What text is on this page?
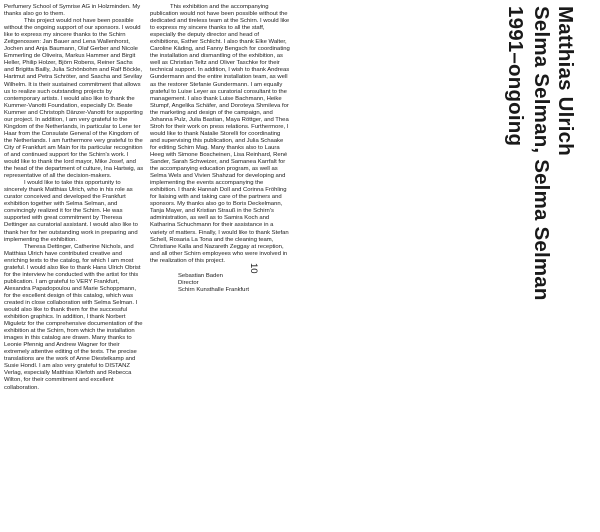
Perfumery School of Symrise AG in Holzminden. My thanks also go to them.

This project would not have been possible without the ongoing support of our sponsors. I would like to express my sincere thanks to the Schirn Zeitgenossen: Jan Bauer and Lena Wallenhorst, Jochen and Anja Baumann, Olaf Gerber and Nicole Emmerling de Oliveira, Markus Hammer and Birgit Heller, Philip Holzer, Björn Robens, Reiner Sachs and Brigitta Bailly, Julia Schönbohm and Ralf Böckle, Hartmut and Petra Schröter, and Sascha and Sevilay Wilhelm. It is their sustained commitment that allows us to realize such outstanding projects by contemporary artists. I would also like to thank the Kummer-Vanotti Foundation, especially Dr. Beate Kummer and Christoph Dänzer-Vanotti for supporting our project. In addition, I am very grateful to the Kingdom of the Netherlands, in particular to Lene ter Haar from the Consulate General of the Kingdom of the Netherlands. I am furthermore very grateful to the City of Frankfurt am Main for its particular recognition of and continued support for the Schirn's work. I would like to thank the lord mayor, Mike Josef, and the head of the department of culture, Ina Hartwig, as representative of all the decision-makers.

I would like to take this opportunity to sincerely thank Matthias Ulrich, who in his role as curator conceived and developed the Frankfurt exhibition together with Selma Selman, and convincingly realized it for the Schirn. He was supported with great commitment by Theresa Dettinger as curatorial assistant. I would also like to thank her for her outstanding work in preparing and implementing the exhibition.

Theresa Dettinger, Catherine Nichols, and Matthias Ulrich have contributed creative and enriching texts to the catalog, for which I am most grateful. I would also like to thank Hans Ulrich Obrist for the interview he conducted with the artist for this publication. I am grateful to VERY Frankfurt, Alexandra Papadopoulou and Marie Schoppmann, for the excellent design of this catalog, which was created in close collaboration with Selma Selman. I would also like to thank them for the successful exhibition graphics. In addition, I thank Norbert Miguletz for the comprehensive documentation of the exhibition at the Schirn, from which the installation images in this catalog are drawn. Many thanks to Leonie Pfennig and Andrew Wagner for their extremely attentive editing of the texts. The precise translations are the work of Anne Diestelkamp and Susie Hondl. I am also very grateful to DISTANZ Verlag, especially Matthias Kliefoth and Rebecca Wilton, for their commitment and excellent collaboration.

This exhibition and the accompanying publication would not have been possible without the dedicated and tireless team at the Schirn. I would like to express my sincere thanks to all the staff, especially the deputy director and head of exhibitions, Esther Schlicht. I also thank Elke Walter, Caroline Käding, and Fanny Bengsch for coordinating the installation and dismantling of the exhibition, as well as Christian Teltz and Oliver Taschke for their technical support. In addition, I wish to thank Andreas Gundermann and the entire installation team, as well as the restorer Stefanie Gundermann. I am equally grateful to Luise Leyer as curatorial consultant to the management. I also thank Luise Bachmann, Heike Stumpf, Angelika Schäfer, and Doroteya Shmileva for the marketing and design of the campaign, and Johanna Pulz, Julia Bastian, Maya Röttger, and Thea Stroh for their work on press relations. Furthermore, I would like to thank Natalie Storelli for coordinating and supervising this publication, and Julia Schaake for editing Schirn Mag. Many thanks also to Laura Heeg with Simone Boscheinen, Lisa Reinhard, René Sander, Sarah Schweizer, and Samanea Karrfalt for the accompanying education program, as well as Selma Wels and Vivien Shahzad for developing and implementing the events accompanying the exhibition. I thank Hannah Doll and Corinna Fröhling for liaising with and taking care of the partners and sponsors. My thanks also go to Boris Deckelmann, Tanja Mayer, and Kristian Strauß in the Schirn's administration, as well as to Samira Koch and Katharina Schuchmann for their assistance in a variety of matters. Finally, I would like to thank Stefan Schell, Rosaria La Tona and the cleaning team, Christiane Kalla and Nazareth Zeggay at reception, and all other Schirn employees who were involved in the realization of this project.

Sebastian Baden
Director
Schirn Kunsthalle Frankfurt
10
Matthias Ulrich
Selma Selman, Selma Selman
1991–ongoing
